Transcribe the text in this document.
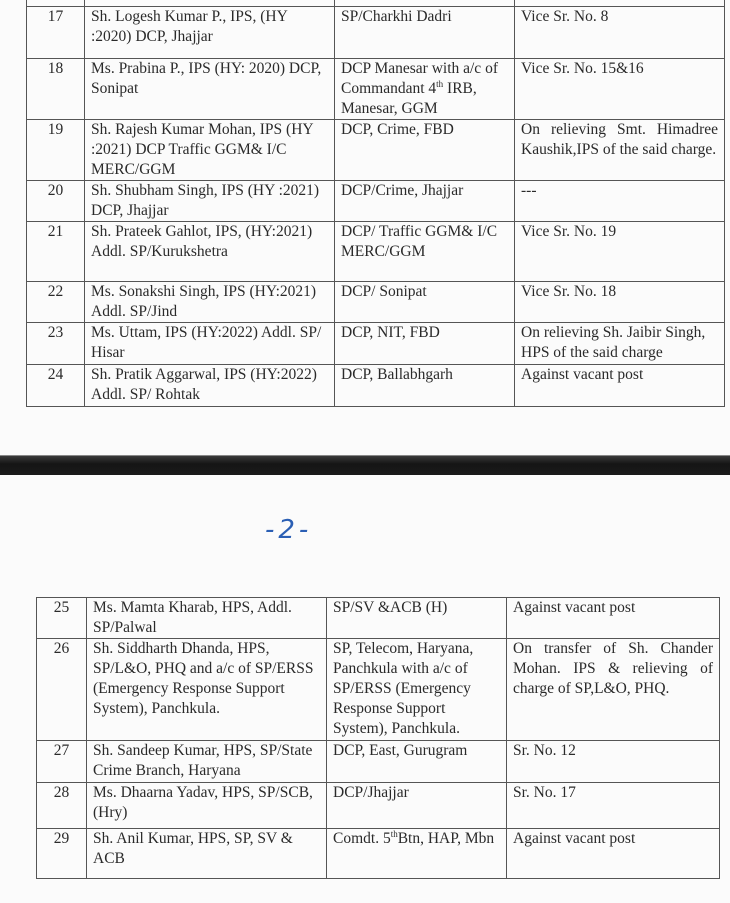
17	Sh. Logesh Kumar P., IPS, (HY :2020) DCP, Jhajjar	SP/Charkhi Dadri	Vice Sr. No. 8
18	Ms. Prabina P., IPS (HY: 2020) DCP, Sonipat	DCP Manesar with a/c of Commandant 4th IRB, Manesar, GGM	Vice Sr. No. 15&16
19	Sh. Rajesh Kumar Mohan, IPS (HY :2021) DCP Traffic GGM& I/C MERC/GGM	DCP, Crime, FBD	On relieving Smt. Himadree Kaushik,IPS of the said charge.
20	Sh. Shubham Singh, IPS (HY :2021) DCP, Jhajjar	DCP/Crime, Jhajjar	---
21	Sh. Prateek Gahlot, IPS, (HY:2021) Addl. SP/Kurukshetra	DCP/ Traffic GGM& I/C MERC/GGM	Vice Sr. No. 19
22	Ms. Sonakshi Singh, IPS (HY:2021) Addl. SP/Jind	DCP/ Sonipat	Vice Sr. No. 18
23	Ms. Uttam, IPS (HY:2022) Addl. SP/ Hisar	DCP, NIT, FBD	On relieving Sh. Jaibir Singh, HPS of the said charge
24	Sh. Pratik Aggarwal, IPS (HY:2022) Addl. SP/ Rohtak	DCP, Ballabhgarh	Against vacant post
-2-
25	Ms. Mamta Kharab, HPS, Addl. SP/Palwal	SP/SV &ACB (H)	Against vacant post
26	Sh. Siddharth Dhanda, HPS, SP/L&O, PHQ and a/c of SP/ERSS (Emergency Response Support System), Panchkula.	SP, Telecom, Haryana, Panchkula with a/c of SP/ERSS (Emergency Response Support System), Panchkula.	On transfer of Sh. Chander Mohan. IPS & relieving of charge of SP,L&O, PHQ.
27	Sh. Sandeep Kumar, HPS, SP/State Crime Branch, Haryana	DCP, East, Gurugram	Sr. No. 12
28	Ms. Dhaarna Yadav, HPS, SP/SCB, (Hry)	DCP/Jhajjar	Sr. No. 17
29	Sh. Anil Kumar, HPS, SP, SV & ACB	Comdt. 5thBtn, HAP, Mbn	Against vacant post
